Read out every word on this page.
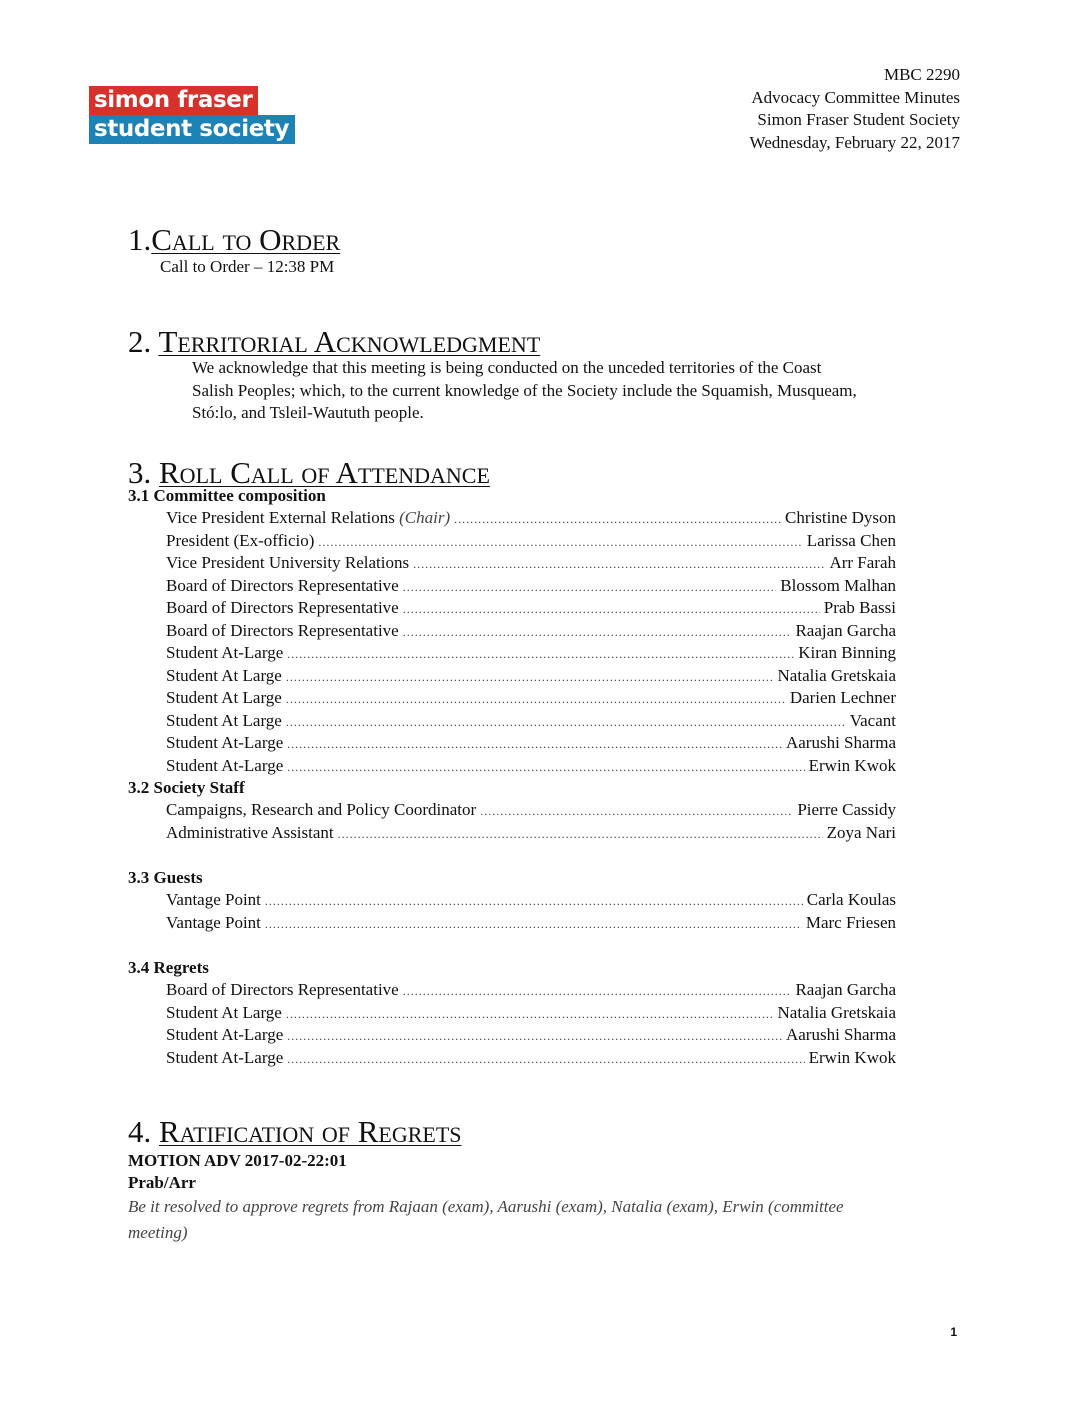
simon fraser
student society
MBC 2290
Advocacy Committee Minutes
Simon Fraser Student Society
Wednesday, February 22, 2017
1.Call to Order
Call to Order – 12:38 PM
2. Territorial Acknowledgment
We acknowledge that this meeting is being conducted on the unceded territories of the Coast
Salish Peoples; which, to the current knowledge of the Society include the Squamish, Musqueam,
Stó:lo, and Tsleil-Waututh people.
3. Roll Call of Attendance
3.1 Committee composition
Vice President External Relations (Chair) .....	Christine Dyson
President (Ex-officio) .....	Larissa Chen
Vice President University Relations .....	Arr Farah
Board of Directors Representative .....	Blossom Malhan
Board of Directors Representative .....	Prab Bassi
Board of Directors Representative .....	Raajan Garcha
Student At-Large .....	Kiran Binning
Student At Large .....	Natalia Gretskaia
Student At Large .....	Darien Lechner
Student At Large .....	Vacant
Student At-Large .....	Aarushi Sharma
Student At-Large .....	Erwin Kwok
3.2 Society Staff
Campaigns, Research and Policy Coordinator .....	Pierre Cassidy
Administrative Assistant .....	Zoya Nari
3.3 Guests
Vantage Point .....	Carla Koulas
Vantage Point .....	Marc Friesen
3.4 Regrets
Board of Directors Representative .....	Raajan Garcha
Student At Large .....	Natalia Gretskaia
Student At-Large .....	Aarushi Sharma
Student At-Large .....	Erwin Kwok
4. Ratification of Regrets
MOTION ADV 2017-02-22:01
Prab/Arr
Be it resolved to approve regrets from Rajaan (exam), Aarushi (exam), Natalia (exam), Erwin (committee
meeting)
1
